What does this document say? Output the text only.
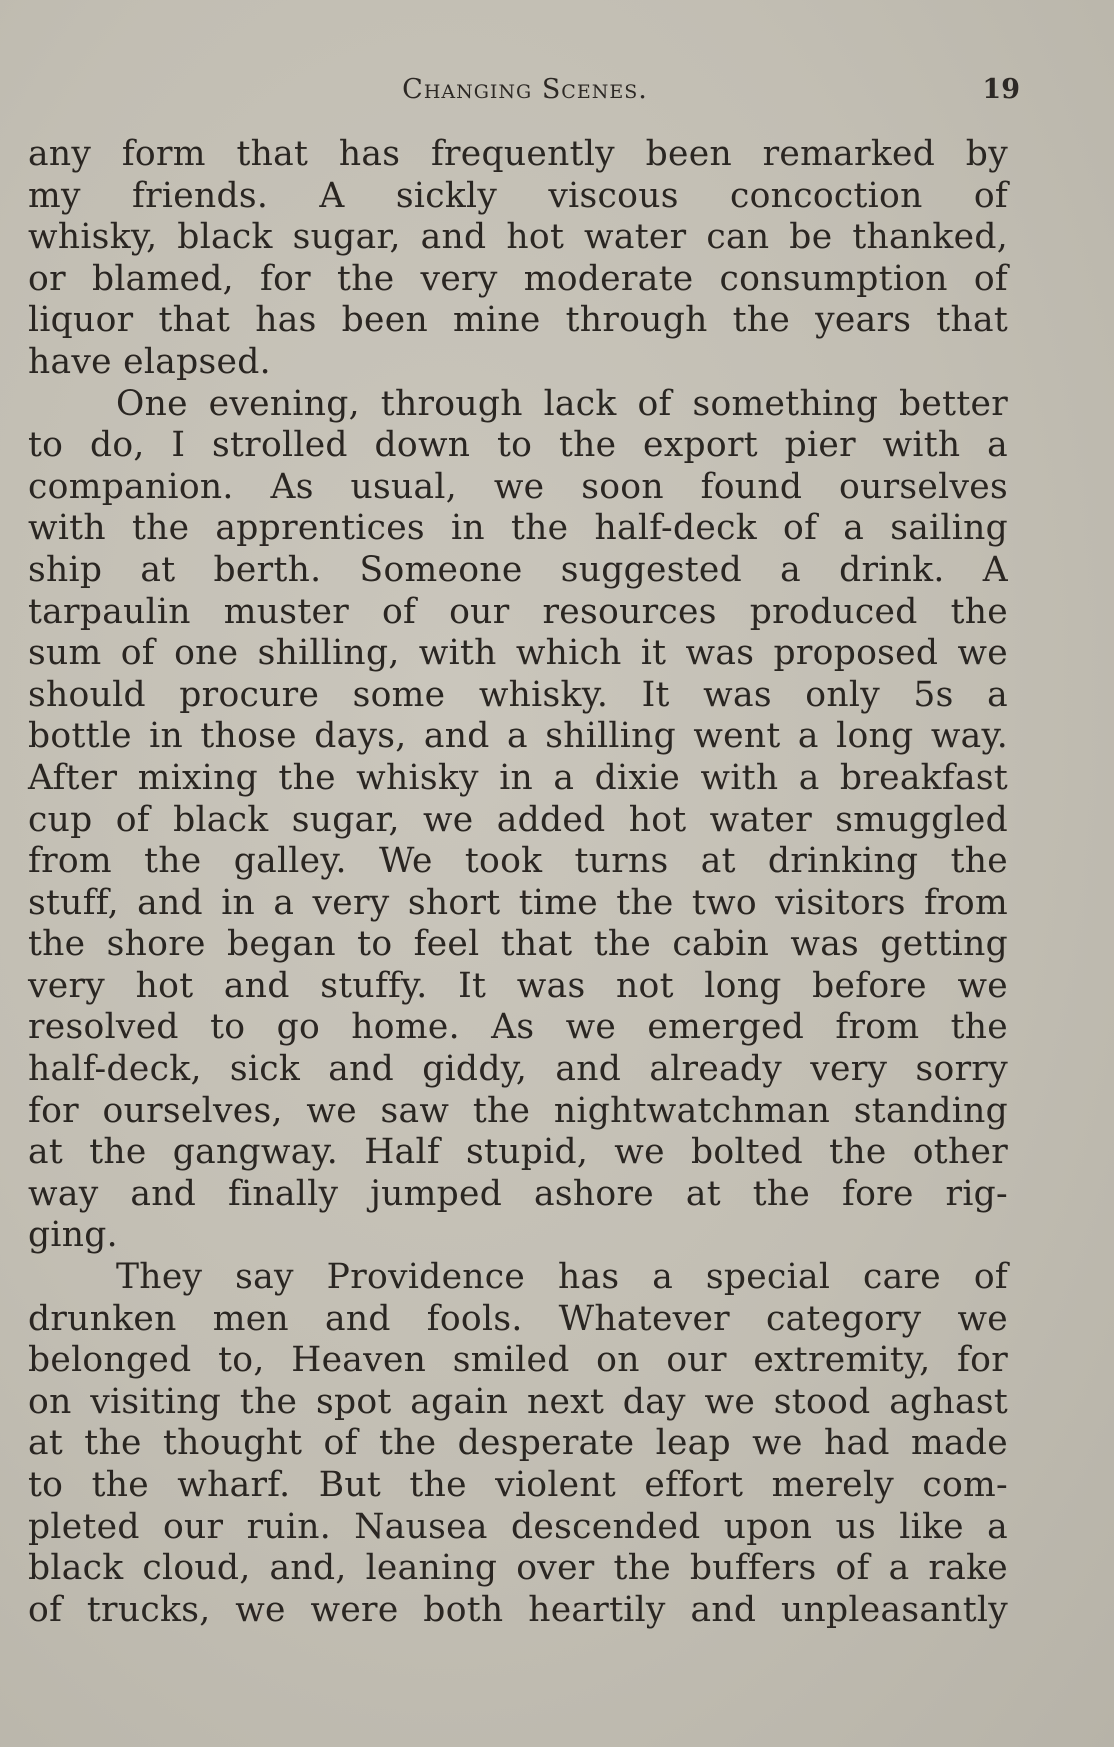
Changing Scenes.	19
any form that has frequently been remarked by
my friends. A sickly viscous concoction of
whisky, black sugar, and hot water can be thanked,
or blamed, for the very moderate consumption of
liquor that has been mine through the years that
have elapsed.
One evening, through lack of something better
to do, I strolled down to the export pier with a
companion. As usual, we soon found ourselves
with the apprentices in the half-deck of a sailing
ship at berth. Someone suggested a drink. A
tarpaulin muster of our resources produced the
sum of one shilling, with which it was proposed we
should procure some whisky. It was only 5s a
bottle in those days, and a shilling went a long way.
After mixing the whisky in a dixie with a breakfast
cup of black sugar, we added hot water smuggled
from the galley. We took turns at drinking the
stuff, and in a very short time the two visitors from
the shore began to feel that the cabin was getting
very hot and stuffy. It was not long before we
resolved to go home. As we emerged from the
half-deck, sick and giddy, and already very sorry
for ourselves, we saw the nightwatchman standing
at the gangway. Half stupid, we bolted the other
way and finally jumped ashore at the fore rig-
ging.
They say Providence has a special care of
drunken men and fools. Whatever category we
belonged to, Heaven smiled on our extremity, for
on visiting the spot again next day we stood aghast
at the thought of the desperate leap we had made
to the wharf. But the violent effort merely com-
pleted our ruin. Nausea descended upon us like a
black cloud, and, leaning over the buffers of a rake
of trucks, we were both heartily and unpleasantly
